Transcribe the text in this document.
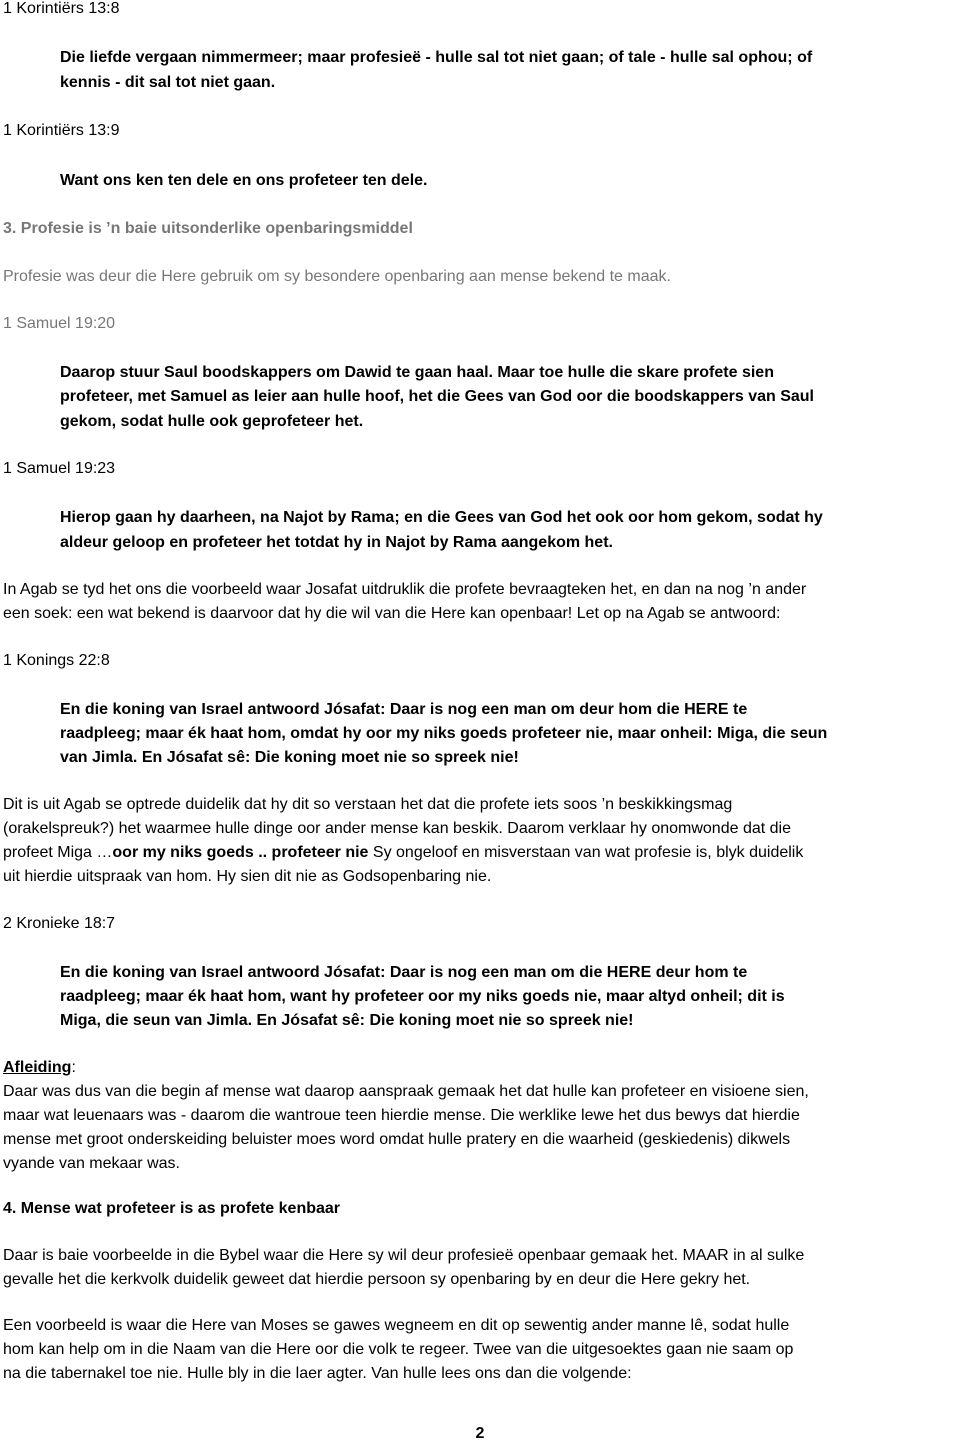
1 Korintiërs 13:8
Die liefde vergaan nimmermeer; maar profesieë - hulle sal tot niet gaan; of tale - hulle sal ophou; of
kennis - dit sal tot niet gaan.
1 Korintiërs 13:9
Want ons ken ten dele en ons profeteer ten dele.
3. Profesie is ’n baie uitsonderlike openbaringsmiddel
Profesie was deur die Here gebruik om sy besondere openbaring aan mense bekend te maak.
1 Samuel 19:20
Daarop stuur Saul boodskappers om Dawid te gaan haal. Maar toe hulle die skare profete sien
profeteer, met Samuel as leier aan hulle hoof, het die Gees van God oor die boodskappers van Saul
gekom, sodat hulle ook geprofeteer het.
1 Samuel 19:23
Hierop gaan hy daarheen, na Najot by Rama; en die Gees van God het ook oor hom gekom, sodat hy
aldeur geloop en profeteer het totdat hy in Najot by Rama aangekom het.
In Agab se tyd het ons die voorbeeld waar Josafat uitdruklik die profete bevraagteken het, en dan na nog ’n ander
een soek: een wat bekend is daarvoor dat hy die wil van die Here kan openbaar! Let op na Agab se antwoord:
1 Konings 22:8
En die koning van Israel antwoord Jósafat: Daar is nog een man om deur hom die HERE te
raadpleeg; maar ék haat hom, omdat hy oor my niks goeds profeteer nie, maar onheil: Miga, die seun
van Jimla. En Jósafat sê: Die koning moet nie so spreek nie!
Dit is uit Agab se optrede duidelik dat hy dit so verstaan het dat die profete iets soos ’n beskikkingsmag
(orakelspreuk?) het waarmee hulle dinge oor ander mense kan beskik. Daarom verklaar hy onomwonde dat die
profeet Miga …oor my niks goeds .. profeteer nie Sy ongeloof en misverstaan van wat profesie is, blyk duidelik
uit hierdie uitspraak van hom. Hy sien dit nie as Godsopenbaring nie.
2 Kronieke 18:7
En die koning van Israel antwoord Jósafat: Daar is nog een man om die HERE deur hom te
raadpleeg; maar ék haat hom, want hy profeteer oor my niks goeds nie, maar altyd onheil; dit is
Miga, die seun van Jimla. En Jósafat sê: Die koning moet nie so spreek nie!
Afleiding:
Daar was dus van die begin af mense wat daarop aanspraak gemaak het dat hulle kan profeteer en visioene sien,
maar wat leuenaars was - daarom die wantroue teen hierdie mense. Die werklike lewe het dus bewys dat hierdie
mense met groot onderskeiding beluister moes word omdat hulle pratery en die waarheid (geskiedenis) dikwels
vyande van mekaar was.
4. Mense wat profeteer is as profete kenbaar
Daar is baie voorbeelde in die Bybel waar die Here sy wil deur profesieë openbaar gemaak het. MAAR in al sulke
gevalle het die kerkvolk duidelik geweet dat hierdie persoon sy openbaring by en deur die Here gekry het.
Een voorbeeld is waar die Here van Moses se gawes wegneem en dit op sewentig ander manne lê, sodat hulle
hom kan help om in die Naam van die Here oor die volk te regeer. Twee van die uitgesoektes gaan nie saam op
na die tabernakel toe nie. Hulle bly in die laer agter. Van hulle lees ons dan die volgende:
2
